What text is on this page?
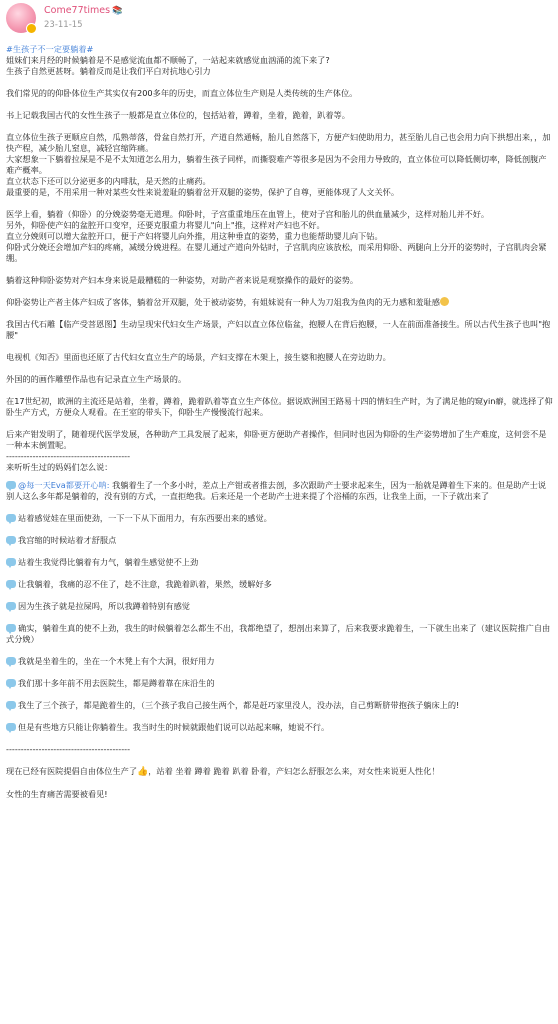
Come77times 📚
23-11-15
#生孩子不一定要躺着#
姐妹们来月经的时候躺着是不是感觉流血都不顺畅了，一站起来就感觉血汹涌的流下来了?
生孩子自然更甚呀。躺着反而是让我们平白对抗地心引力
我们常见的的仰卧体位生产其实仅有200多年的历史，而直立体位生产则是人类传统的生产体位。
书上记载我国古代的女性生孩子一般都是直立体位的，包括站着，蹲着，坐着，跪着，趴着等。
直立体位生孩子更顺应自然，瓜熟蒂落，骨盆自然打开，产道自然通畅，胎儿自然落下，方便产妇使助用力，甚至胎儿自己也会用力向下拱想出来，，加快产程，减少胎儿窒息，减轻宫缩阵痛。
大家想象一下躺着拉屎是不是不太知道怎么用力，躺着生孩子同样，而撕裂难产等很多是因为不会用力导致的，直立体位可以降低侧切率，降低剖腹产难产概率。
直立状态下还可以分泌更多的内啡肽，是天然的止痛药。
最重要的是，不用采用一种对某些女性来说羞耻的躺着岔开双腿的姿势，保护了自尊，更能体现了人文关怀。
医学上看，躺着（仰卧）的分娩姿势毫无道理。仰卧时，子宫重重地压在血管上，使对子宫和胎儿的供血量减少，这样对胎儿并不好。
另外，仰卧使产妇的盆腔开口变窄，还要克服重力将婴儿"向上"推，这样对产妇也不好。
直立分娩则可以增大盆腔开口，便于产妇将婴儿向外推，用这种垂直的姿势，重力也能帮助婴儿向下钻。
仰卧式分娩还会增加产妇的疼痛，减缓分娩进程。在婴儿通过产道向外钻时，子宫肌肉应该放松，而采用仰卧、两腿向上分开的姿势时，子宫肌肉会紧绷。
躺着这种仰卧姿势对产妇本身来说是最糟糕的一种姿势，对助产者来说是观察操作的最好的姿势。
仰卧姿势让产者主体产妇成了客体，躺着岔开双腿，处于被动姿势，有姐妹说有一种人为刀俎我为鱼肉的无力感和羞耻感
我国古代石雕【临产受菩恩图】生动呈现宋代妇女生产场景，产妇以直立体位临盆，抱腰人在背后抱腰，一人在前面准备接生。所以古代生孩子也叫"抱腰"
电视机《知否》里面也还原了古代妇女直立生产的场景，产妇支撑在木架上，接生婆和抱腰人在旁边助力。
外国的的画作雕塑作品也有记录直立生产场景的。
在17世纪初，欧洲的主流还是站着，坐着，蹲着，跪着趴着等直立生产体位。据说欧洲国王路易十四的情妇生产时，为了满足他的窥yin癖，就选择了仰卧生产方式，方便众人观看。在王室的带头下，仰卧生产慢慢流行起来。
后来产钳发明了，随着现代医学发展，各种助产工具发展了起来，仰卧更方便助产者操作，但同时也因为仰卧的生产姿势增加了生产难度，这何尝不是一种本末倒置呢。
------------------------------------------
来听听生过的妈妈们怎么说：
@每一天Eva都要开心呐: 我躺着生了一个多小时，差点上产钳或者推去剖，多次跟助产士要求起来生，因为一胎就是蹲着生下来的。但是助产士说别人这么多年都是躺着的，没有别的方式，一直拒绝我。后来还是一个老助产士进来提了个浴桶的东西，让我坐上面，一下子就出来了
站着感觉娃在里面使劲，一下一下从下面用力，有东西要出来的感觉。
我宫缩的时候站着才舒服点
站着生我觉得比躺着有力气，躺着生感觉使不上劲
让我躺着，我痛的忍不住了，趁不注意，我跪着趴着，果然，缓解好多
因为生孩子就是拉屎吗，所以我蹲着特别有感觉
确实，躺着生真的使不上劲，我生的时候躺着怎么都生不出，我都绝望了，想剖出来算了，后来我要求跪着生，一下就生出来了（建议医院推广自由式分娩）
我就是坐着生的，坐在一个木凳上有个大洞，很好用力
我们那十多年前不用去医院生，都是蹲着靠在床沿生的
我生了三个孩子，都是跪着生的，（三个孩子我自己接生两个，都是赶巧家里没人，没办法，自己剪断脐带抱孩子躺床上的!
但是有些地方只能让你躺着生。我当时生的时候就跟他们说可以站起来嘛，她说不行。
------------------------------------------
现在已经有医院提倡自由体位生产了👍，站着 坐着 蹲着 跪着 趴着 卧着，产妇怎么舒服怎么来，对女性来说更人性化！
女性的生育痛苦需要被看见!
